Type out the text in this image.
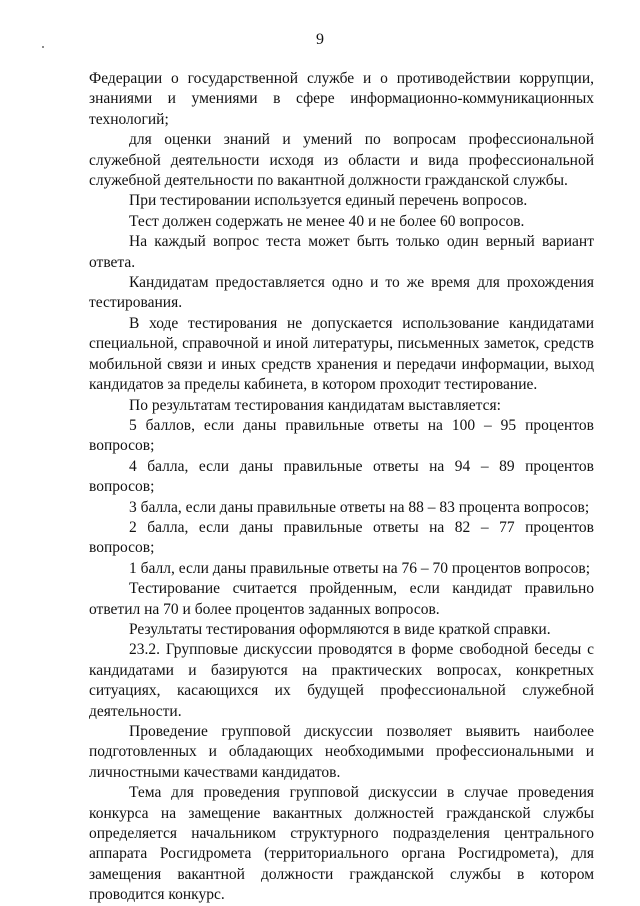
9

Федерации о государственной службе и о противодействии коррупции, знаниями и умениями в сфере информационно-коммуникационных технологий;

для оценки знаний и умений по вопросам профессиональной служебной деятельности исходя из области и вида профессиональной служебной деятельности по вакантной должности гражданской службы.

При тестировании используется единый перечень вопросов.

Тест должен содержать не менее 40 и не более 60 вопросов.

На каждый вопрос теста может быть только один верный вариант ответа.

Кандидатам предоставляется одно и то же время для прохождения тестирования.

В ходе тестирования не допускается использование кандидатами специальной, справочной и иной литературы, письменных заметок, средств мобильной связи и иных средств хранения и передачи информации, выход кандидатов за пределы кабинета, в котором проходит тестирование.

По результатам тестирования кандидатам выставляется:

5 баллов, если даны правильные ответы на 100 – 95 процентов вопросов;

4 балла, если даны правильные ответы на 94 – 89 процентов вопросов;

3 балла, если даны правильные ответы на 88 – 83 процента вопросов;

2 балла, если даны правильные ответы на 82 – 77 процентов вопросов;

1 балл, если даны правильные ответы на 76 – 70 процентов вопросов;

Тестирование считается пройденным, если кандидат правильно ответил на 70 и более процентов заданных вопросов.

Результаты тестирования оформляются в виде краткой справки.

23.2. Групповые дискуссии проводятся в форме свободной беседы с кандидатами и базируются на практических вопросах, конкретных ситуациях, касающихся их будущей профессиональной служебной деятельности.

Проведение групповой дискуссии позволяет выявить наиболее подготовленных и обладающих необходимыми профессиональными и личностными качествами кандидатов.

Тема для проведения групповой дискуссии в случае проведения конкурса на замещение вакантных должностей гражданской службы определяется начальником структурного подразделения центрального аппарата Росгидромета (территориального органа Росгидромета), для замещения вакантной должности гражданской службы в котором проводится конкурс.
